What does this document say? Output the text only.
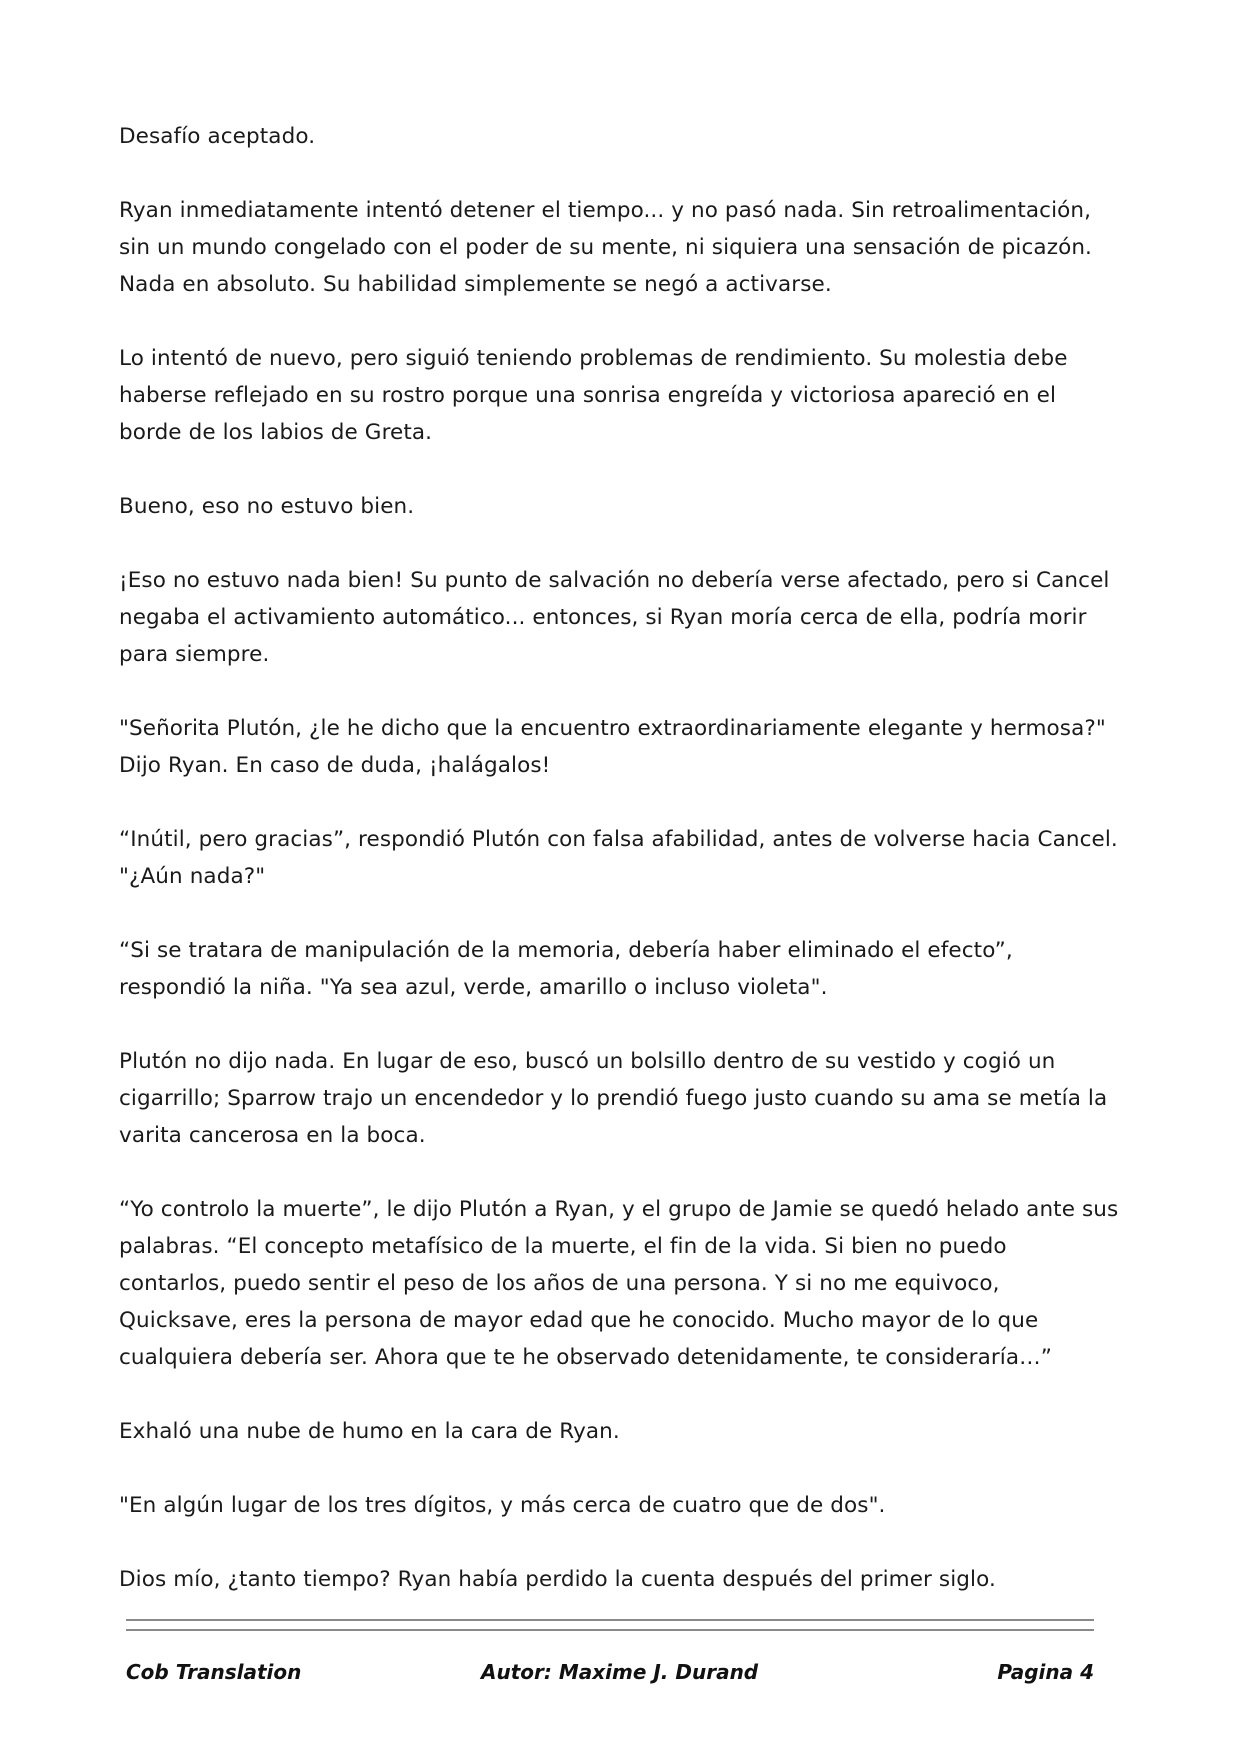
Desafío aceptado.

Ryan inmediatamente intentó detener el tiempo... y no pasó nada. Sin retroalimentación, sin un mundo congelado con el poder de su mente, ni siquiera una sensación de picazón. Nada en absoluto. Su habilidad simplemente se negó a activarse.

Lo intentó de nuevo, pero siguió teniendo problemas de rendimiento. Su molestia debe haberse reflejado en su rostro porque una sonrisa engreída y victoriosa apareció en el borde de los labios de Greta.

Bueno, eso no estuvo bien.

¡Eso no estuvo nada bien! Su punto de salvación no debería verse afectado, pero si Cancel negaba el activamiento automático... entonces, si Ryan moría cerca de ella, podría morir para siempre.

"Señorita Plutón, ¿le he dicho que la encuentro extraordinariamente elegante y hermosa?" Dijo Ryan. En caso de duda, ¡halágalos!

“Inútil, pero gracias”, respondió Plutón con falsa afabilidad, antes de volverse hacia Cancel. "¿Aún nada?"

“Si se tratara de manipulación de la memoria, debería haber eliminado el efecto”, respondió la niña. "Ya sea azul, verde, amarillo o incluso violeta".

Plutón no dijo nada. En lugar de eso, buscó un bolsillo dentro de su vestido y cogió un cigarrillo; Sparrow trajo un encendedor y lo prendió fuego justo cuando su ama se metía la varita cancerosa en la boca.

“Yo controlo la muerte”, le dijo Plutón a Ryan, y el grupo de Jamie se quedó helado ante sus palabras. “El concepto metafísico de la muerte, el fin de la vida. Si bien no puedo contarlos, puedo sentir el peso de los años de una persona. Y si no me equivoco, Quicksave, eres la persona de mayor edad que he conocido. Mucho mayor de lo que cualquiera debería ser. Ahora que te he observado detenidamente, te consideraría…”

Exhaló una nube de humo en la cara de Ryan.

"En algún lugar de los tres dígitos, y más cerca de cuatro que de dos".

Dios mío, ¿tanto tiempo? Ryan había perdido la cuenta después del primer siglo.

Cob Translation	Autor: Maxime J. Durand	Pagina 4
